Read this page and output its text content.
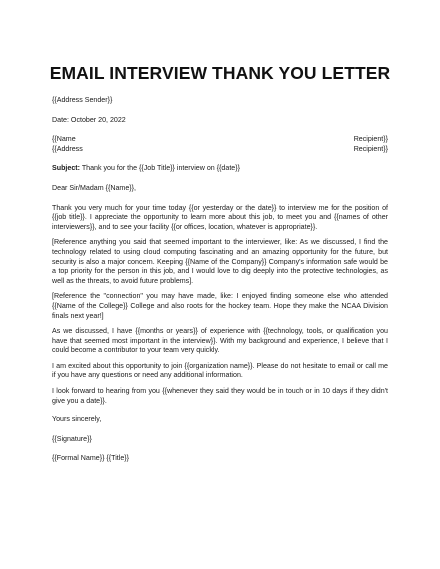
EMAIL INTERVIEW THANK YOU LETTER
{{Address Sender}}
Date: October 20, 2022
{{Name	Recipient}}
{{Address	Recipient}}
Subject: Thank you for the {{Job Title}} interview on {{date}}
Dear Sir/Madam {{Name}},

Thank you very much for your time today {{or yesterday or the date}} to interview me for the position of {{job title}}. I appreciate the opportunity to learn more about this job, to meet you and {{names of other interviewers}}, and to see your facility {{or offices, location, whatever is appropriate}}.

[Reference anything you said that seemed important to the interviewer, like: As we discussed, I find the technology related to using cloud computing fascinating and an amazing opportunity for the future, but security is also a major concern. Keeping {{Name of the Company}} Company's information safe would be a top priority for the person in this job, and I would love to dig deeply into the protective technologies, as well as the threats, to avoid future problems].

[Reference the "connection" you may have made, like: I enjoyed finding someone else who attended {{Name of the College}} College and also roots for the hockey team. Hope they make the NCAA Division finals next year!]

As we discussed, I have {{months or years}} of experience with {{technology, tools, or qualification you have that seemed most important in the interview}}. With my background and experience, I believe that I could become a contributor to your team very quickly.

I am excited about this opportunity to join {{organization name}}. Please do not hesitate to email or call me if you have any questions or need any additional information.

I look forward to hearing from you {{whenever they said they would be in touch or in 10 days if they didn't give you a date}}.

Yours sincerely,
{{Signature}}
{{Formal Name}} {{Title}}
